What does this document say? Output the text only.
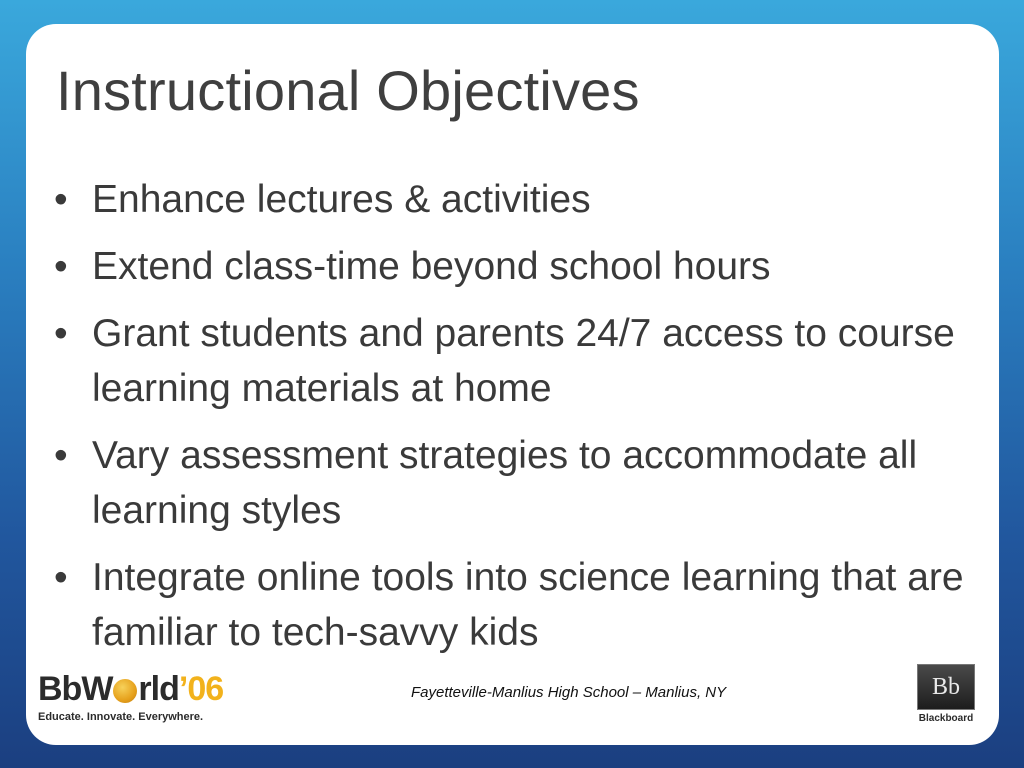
Instructional Objectives
• Enhance lectures & activities
• Extend class-time beyond school hours
• Grant students and parents 24/7 access to course learning materials at home
• Vary assessment strategies to accommodate all learning styles
• Integrate online tools into science learning that are familiar to tech-savvy kids
BbW rld ’06
Educate. Innovate. Everywhere.
Fayetteville-Manlius High School – Manlius, NY	Bb
Blackboard
